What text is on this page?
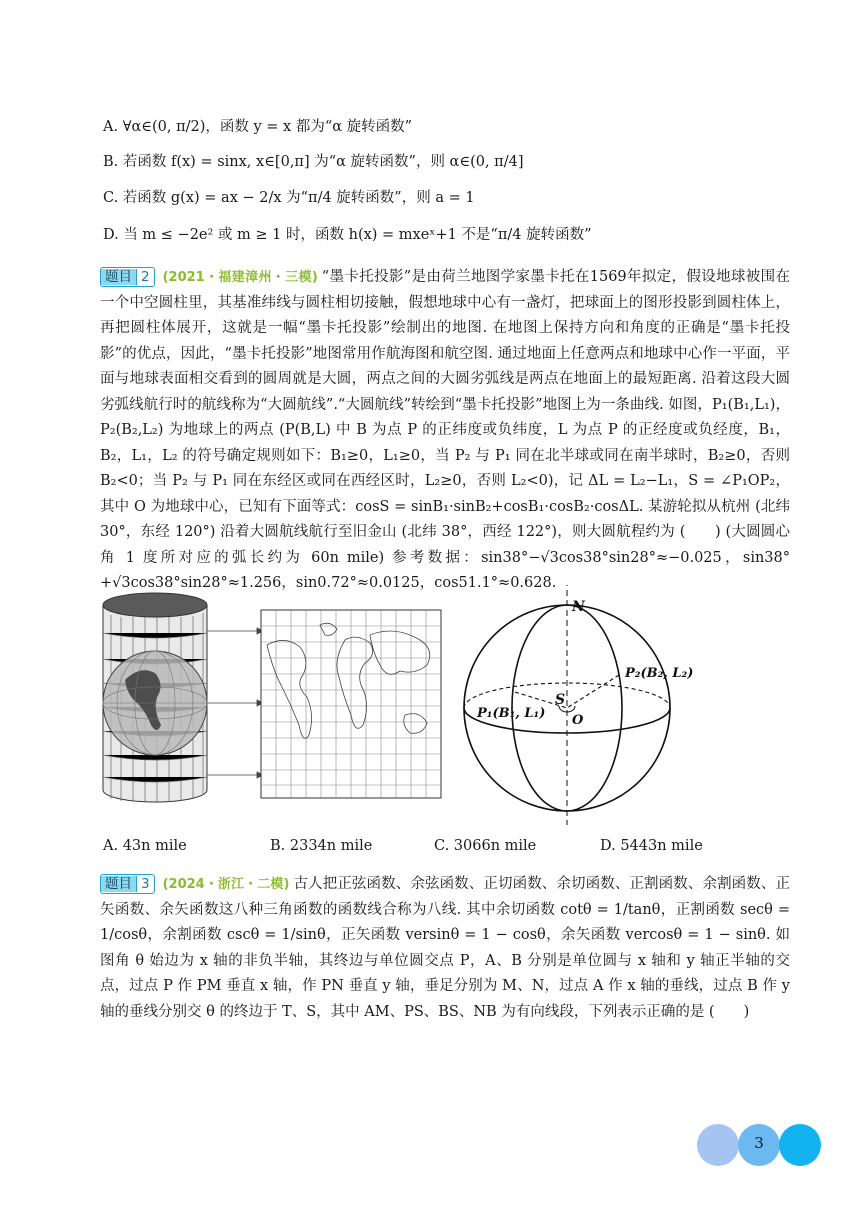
A. ∀α∈(0, π/2)，函数 y = x 都为“α 旋转函数”
B. 若函数 f(x) = sinx, x∈[0,π] 为“α 旋转函数”，则 α∈(0, π/4]
C. 若函数 g(x) = ax − 2/x 为“π/4 旋转函数”，则 a = 1
D. 当 m ≤ −2e² 或 m ≥ 1 时，函数 h(x) = mxeˣ+1 不是“π/4 旋转函数”
题目 2 (2021・福建漳州・三模) “墨卡托投影”是由荷兰地图学家墨卡托在1569年拟定，假设地球被围在一个中空圆柱里，其基准纬线与圆柱相切接触，假想地球中心有一盏灯，把球面上的图形投影到圆柱体上，再把圆柱体展开，这就是一幅“墨卡托投影”绘制出的地图. 在地图上保持方向和角度的正确是“墨卡托投影”的优点，因此，“墨卡托投影”地图常用作航海图和航空图. 通过地面上任意两点和地球中心作一平面，平面与地球表面相交看到的圆周就是大圆，两点之间的大圆劣弧线是两点在地面上的最短距离. 沿着这段大圆劣弧线航行时的航线称为“大圆航线”.“大圆航线”转绘到“墨卡托投影”地图上为一条曲线. 如图，P₁(B₁,L₁)，P₂(B₂,L₂) 为地球上的两点 (P(B,L) 中 B 为点 P 的正纬度或负纬度，L 为点 P 的正经度或负经度，B₁，B₂，L₁，L₂ 的符号确定规则如下：B₁≥0，L₁≥0，当 P₂ 与 P₁ 同在北半球或同在南半球时，B₂≥0，否则 B₂<0；当 P₂ 与 P₁ 同在东经区或同在西经区时，L₂≥0，否则 L₂<0)，记 ΔL = L₂−L₁，S = ∠P₁OP₂，其中 O 为地球中心，已知有下面等式：cosS = sinB₁·sinB₂+cosB₁·cosB₂·cosΔL. 某游轮拟从杭州 (北纬 30°，东经 120°) 沿着大圆航线航行至旧金山 (北纬 38°，西经 122°)，则大圆航程约为 (　　) (大圆圆心角 1 度所对应的弧长约为 60n mile) 参考数据：sin38°−√3cos38°sin28°≈−0.025，sin38°+√3cos38°sin28°≈1.256，sin0.72°≈0.0125，cos51.1°≈0.628.
N
S
O
P₁(B₁, L₁)
P₂(B₂, L₂)
A. 43n mile	B. 2334n mile	C. 3066n mile	D. 5443n mile
题目 3 (2024・浙江・二模) 古人把正弦函数、余弦函数、正切函数、余切函数、正割函数、余割函数、正矢函数、余矢函数这八种三角函数的函数线合称为八线. 其中余切函数 cotθ = 1/tanθ，正割函数 secθ = 1/cosθ，余割函数 cscθ = 1/sinθ，正矢函数 versinθ = 1 − cosθ，余矢函数 vercosθ = 1 − sinθ. 如图角 θ 始边为 x 轴的非负半轴，其终边与单位圆交点 P，A、B 分别是单位圆与 x 轴和 y 轴正半轴的交点，过点 P 作 PM 垂直 x 轴，作 PN 垂直 y 轴，垂足分别为 M、N，过点 A 作 x 轴的垂线，过点 B 作 y 轴的垂线分别交 θ 的终边于 T、S，其中 AM、PS、BS、NB 为有向线段，下列表示正确的是 (　　)
3
